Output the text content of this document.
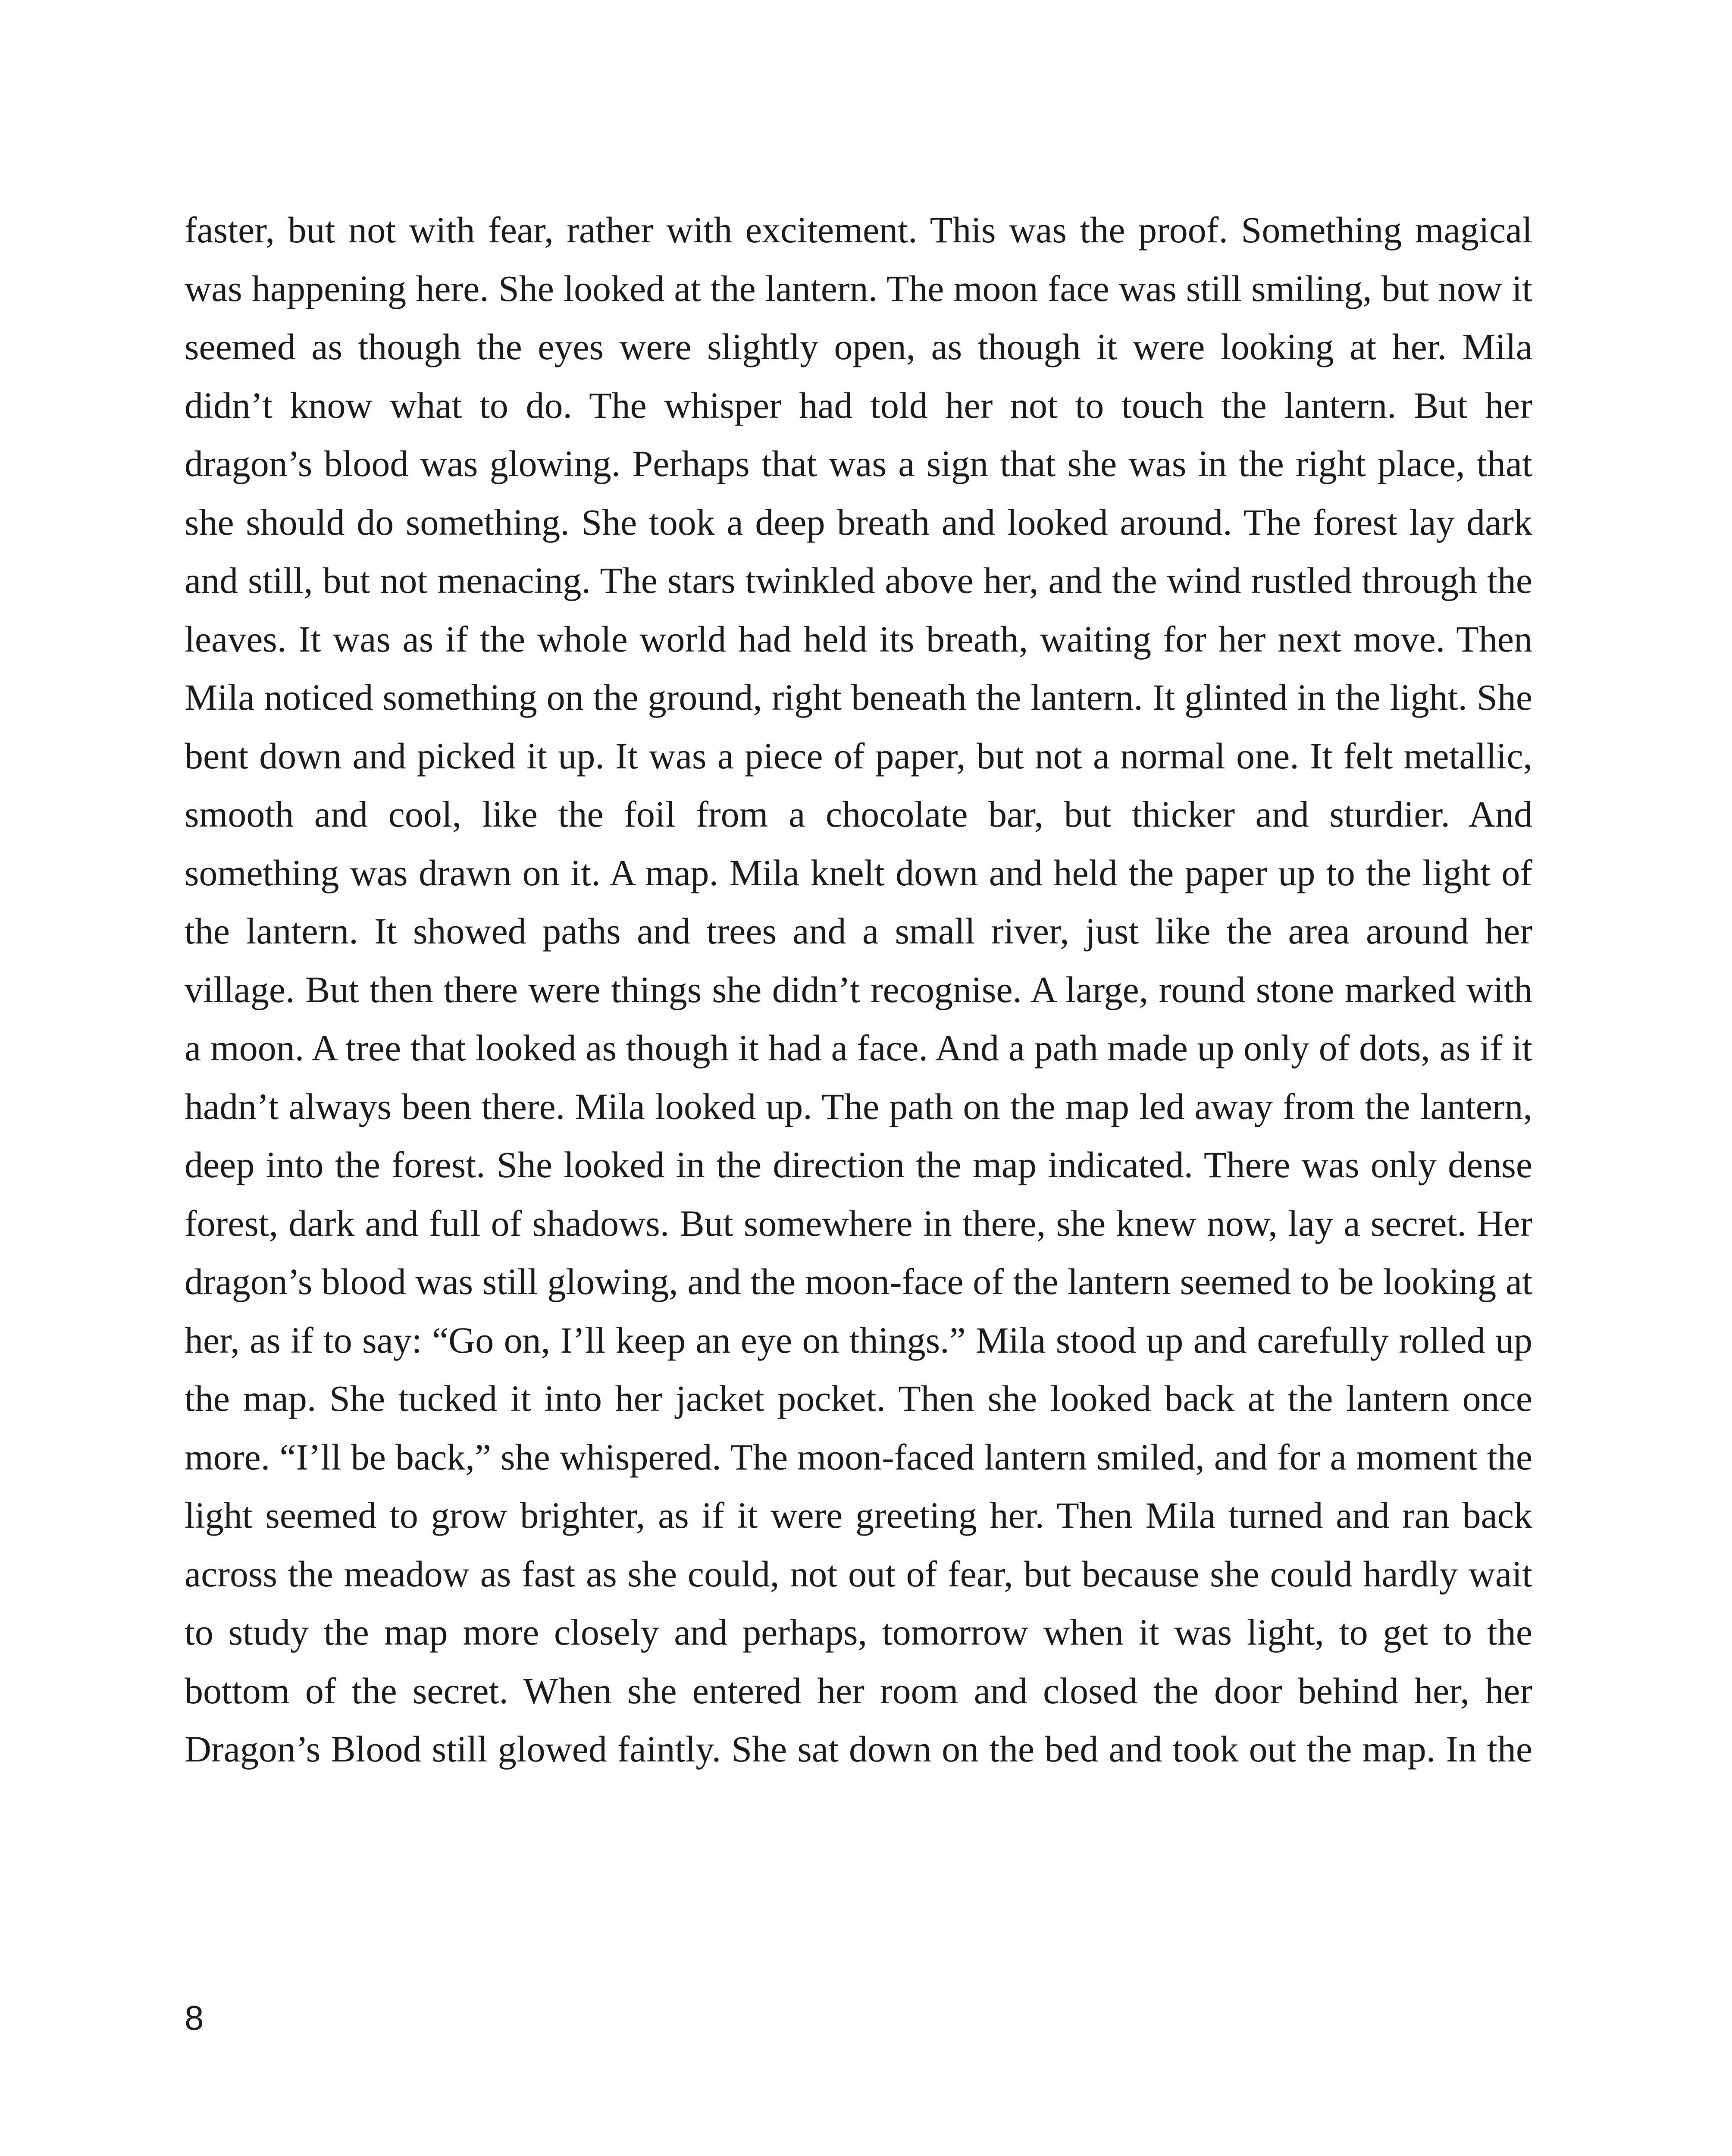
faster, but not with fear, rather with excitement. This was the proof. Something magical was happening here. She looked at the lantern. The moon face was still smiling, but now it seemed as though the eyes were slightly open, as though it were looking at her. Mila didn’t know what to do. The whisper had told her not to touch the lantern. But her dragon’s blood was glowing. Perhaps that was a sign that she was in the right place, that she should do something. She took a deep breath and looked around. The forest lay dark and still, but not menacing. The stars twinkled above her, and the wind rustled through the leaves. It was as if the whole world had held its breath, waiting for her next move. Then Mila noticed something on the ground, right beneath the lantern. It glinted in the light. She bent down and picked it up. It was a piece of paper, but not a normal one. It felt metallic, smooth and cool, like the foil from a chocolate bar, but thicker and sturdier. And something was drawn on it. A map. Mila knelt down and held the paper up to the light of the lantern. It showed paths and trees and a small river, just like the area around her village. But then there were things she didn’t recognise. A large, round stone marked with a moon. A tree that looked as though it had a face. And a path made up only of dots, as if it hadn’t always been there. Mila looked up. The path on the map led away from the lantern, deep into the forest. She looked in the direction the map indicated. There was only dense forest, dark and full of shadows. But somewhere in there, she knew now, lay a secret. Her dragon’s blood was still glowing, and the moon-face of the lantern seemed to be looking at her, as if to say: “Go on, I’ll keep an eye on things.” Mila stood up and carefully rolled up the map. She tucked it into her jacket pocket. Then she looked back at the lantern once more. “I’ll be back,” she whispered. The moon-faced lantern smiled, and for a moment the light seemed to grow brighter, as if it were greeting her. Then Mila turned and ran back across the meadow as fast as she could, not out of fear, but because she could hardly wait to study the map more closely and perhaps, tomorrow when it was light, to get to the bottom of the secret. When she entered her room and closed the door behind her, her Dragon’s Blood still glowed faintly. She sat down on the bed and took out the map. In the

8
